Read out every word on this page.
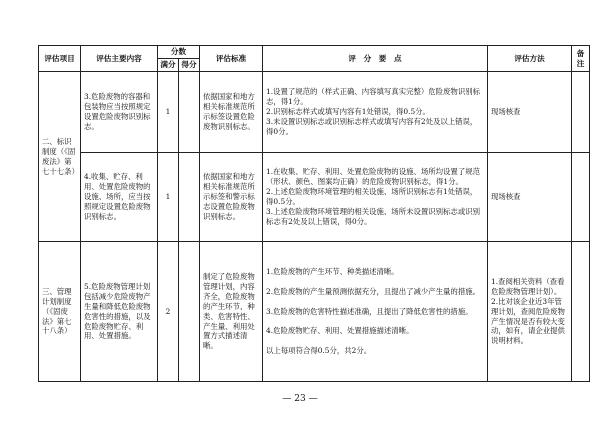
评估项目	评估主要内容	分数		评估标准	评　分　要　点	评估方法	备
注
		满分	得分				
二、标识制度（《固废法》第七十七条）	3.危险废物的容器和包装物应当按照规定设置危险废物识别标志。	1		依据国家和地方相关标准规范所示标签设置危险废物识别标志。	1.设置了规范的（样式正确、内容填写真实完整）危险废物识别标志，得1分。
2.识别标志样式或填写内容有1处错误，得0.5分。
3.未设置识别标志或识别标志样式或填写内容有2处及以上错误，得0分。	现场核查	
	4.收集、贮存、利用、处置危险废物的设施、场所，应当按照规定设置危险废物识别标志。	1		依据国家和地方相关标准规范所示标签和警示标志设置危险废物识别标志。	1.在收集、贮存、利用、处置危险废物的设施、场所均设置了规范（形状、颜色、图案均正确）的危险废物识别标志，得1分。
2.上述危险废物环境管理的相关设施、场所识别标志有1处错误，得0.5分。
3.上述危险废物环境管理的相关设施、场所未设置识别标志或识别标志有2处及以上错误，得0分。	现场核查	
三、管理计划制度（《固废法》第七十八条）	5.危险废物管理计划包括减少危险废物产生量和降低危险废物危害性的措施，以及危险废物贮存、利用、处置措施。	2		制定了危险废物管理计划，内容齐全，危险废物的产生环节、种类、危害特性、产生量、利用处置方式描述清晰。	1.危险废物的产生环节、种类描述清晰。

2.危险废物的产生量预测依据充分，且提出了减少产生量的措施。

3.危险废物的危害特性描述准确，且提出了降低危害性的措施。

4.危险废物贮存、利用、处置措施描述清晰。

以上每项符合得0.5分，共2分。	1.查阅相关资料（查看危险废物管理计划）。
2.比对该企业近3年管理计划，查阅危险废物产生情况是否有较大变动，如有，请企业提供说明材料。	
— 23 —
